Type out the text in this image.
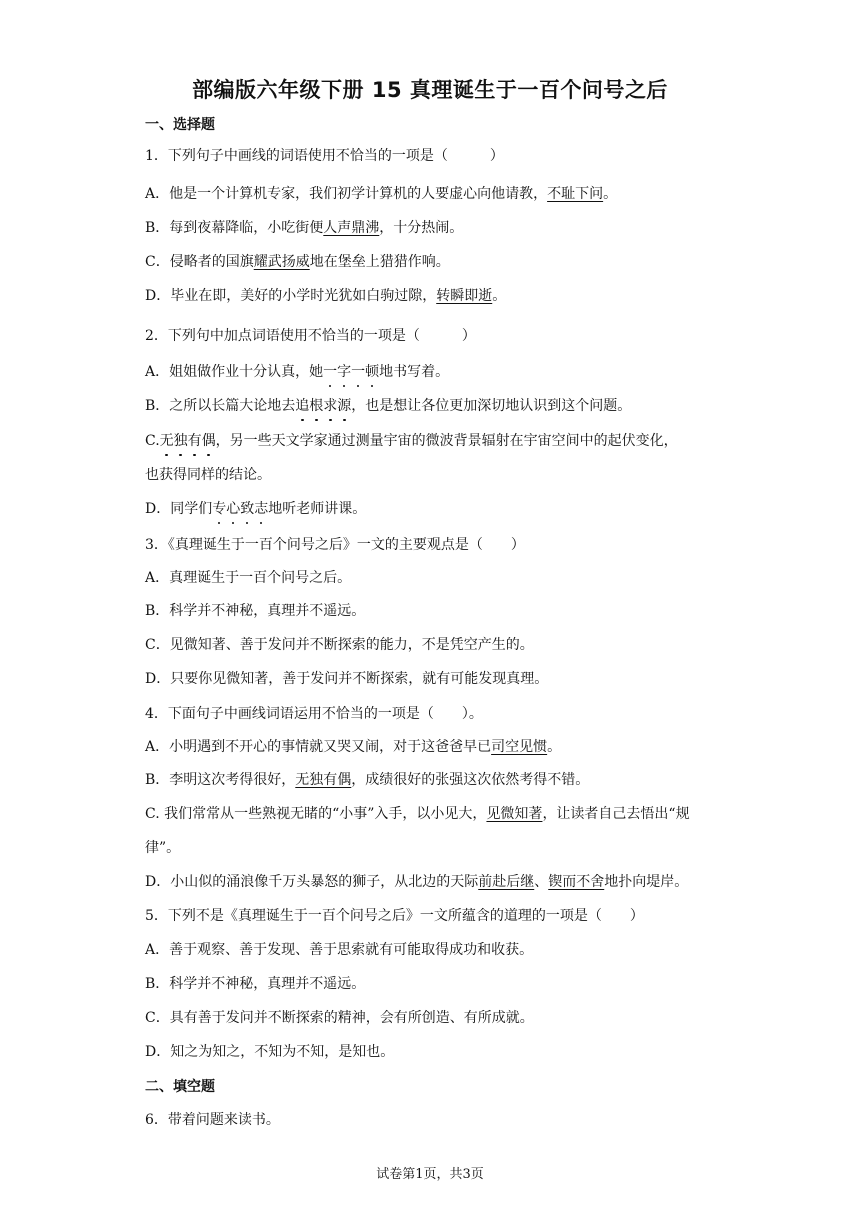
部编版六年级下册 15 真理诞生于一百个问号之后
一、选择题
1．下列句子中画线的词语使用不恰当的一项是（　　　）
A．他是一个计算机专家，我们初学计算机的人要虚心向他请教，不耻下问。
B．每到夜幕降临，小吃街便人声鼎沸，十分热闹。
C．侵略者的国旗耀武扬威地在堡垒上猎猎作响。
D．毕业在即，美好的小学时光犹如白驹过隙，转瞬即逝。
2．下列句中加点词语使用不恰当的一项是（　　　）
A．姐姐做作业十分认真，她一字一顿地书写着。
B．之所以长篇大论地去追根求源，也是想让各位更加深切地认识到这个问题。
C.无独有偶，另一些天文学家通过测量宇宙的微波背景辐射在宇宙空间中的起伏变化，
也获得同样的结论。
D．同学们专心致志地听老师讲课。
3．《真理诞生于一百个问号之后》一文的主要观点是（　　）
A．真理诞生于一百个问号之后。
B．科学并不神秘，真理并不遥远。
C．见微知著、善于发问并不断探索的能力，不是凭空产生的。
D．只要你见微知著，善于发问并不断探索，就有可能发现真理。
4．下面句子中画线词语运用不恰当的一项是（　　）。
A．小明遇到不开心的事情就又哭又闹，对于这爸爸早已司空见惯。
B．李明这次考得很好，无独有偶，成绩很好的张强这次依然考得不错。
C. 我们常常从一些熟视无睹的“小事”入手，以小见大，见微知著，让读者自己去悟出“规
律”。
D．小山似的涌浪像千万头暴怒的狮子，从北边的天际前赴后继、锲而不舍地扑向堤岸。
5．下列不是《真理诞生于一百个问号之后》一文所蕴含的道理的一项是（　　）
A．善于观察、善于发现、善于思索就有可能取得成功和收获。
B．科学并不神秘，真理并不遥远。
C．具有善于发问并不断探索的精神，会有所创造、有所成就。
D．知之为知之，不知为不知，是知也。
二、填空题
6．带着问题来读书。
试卷第1页，共3页
